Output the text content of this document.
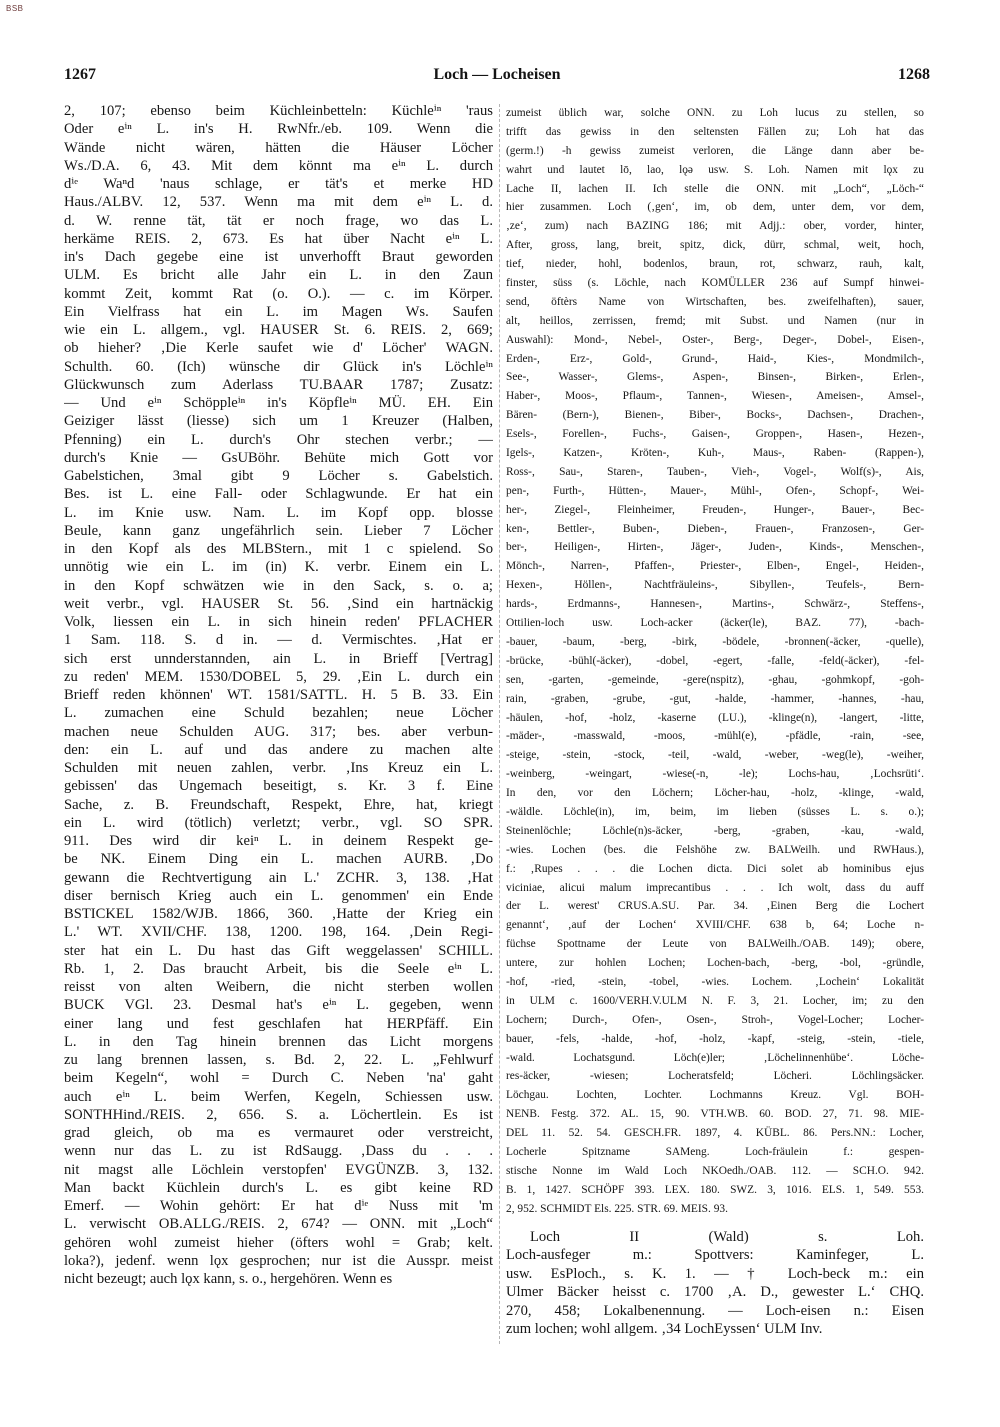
BSB
1267	Loch — Locheisen	1268
2, 107; ebenso beim Küchleinbetteln: Küchleⁱⁿ 'raus
Oder eⁱⁿ L. in's H. RwNfr./eb. 109. Wenn die
Wände nicht wären, hätten die Häuser Löcher
Ws./D.A. 6, 43. Mit dem könnt ma eⁱⁿ L. durch
dⁱᵉ Waⁿd 'naus schlage, er tät's et merke HD
Haus./ALBV. 12, 537. Wenn ma mit dem eⁱⁿ L. d.
d. W. renne tät, tät er noch frage, wo das L.
herkäme REIS. 2, 673. Es hat über Nacht eⁱⁿ L.
in's Dach gegebe eine ist unverhofft Braut geworden
ULM. Es bricht alle Jahr ein L. in den Zaun
kommt Zeit, kommt Rat (o. O.). — c. im Körper.
Ein Vielfrass hat ein L. im Magen Ws. Saufen
wie ein L. allgem., vgl. HAUSER St. 6. REIS. 2, 669;
ob hieher? ‚Die Kerle saufet wie d' Löcher' WAGN.
Schulth. 60. (Ich) wünsche dir Glück in's Löchleⁱⁿ
Glückwunsch zum Aderlass TU.BAAR 1787; Zusatz:
— Und eⁱⁿ Schöppleⁱⁿ in's Köpfleⁱⁿ MÜ. EH. Ein
Geiziger lässt (liesse) sich um 1 Kreuzer (Halben,
Pfenning) ein L. durch's Ohr stechen verbr.; —
durch's Knie — GsUBöhr. Behüte mich Gott vor
Gabelstichen, 3mal gibt 9 Löcher s. Gabelstich.
Bes. ist L. eine Fall- oder Schlagwunde. Er hat ein
L. im Knie usw. Nam. L. im Kopf opp. blosse
Beule, kann ganz ungefährlich sein. Lieber 7 Löcher
in den Kopf als des MLBStern., mit 1 c spielend. So
unnötig wie ein L. im (in) K. verbr. Einem ein L.
in den Kopf schwätzen wie in den Sack, s. o. a;
weit verbr., vgl. HAUSER St. 56. ‚Sind ein hartnäckig
Volk, liessen ein L. in sich hinein reden' PFLACHER
1 Sam. 118. S. d in. — d. Vermischtes. ‚Hat er
sich erst unnderstannden, ain L. in Brieff [Vertrag]
zu reden' MEM. 1530/DOBEL 5, 29. ‚Ein L. durch ein
Brieff reden khönnen' WT. 1581/SATTL. H. 5 B. 33. Ein
L. zumachen eine Schuld bezahlen; neue Löcher
machen neue Schulden AUG. 317; bes. aber verbun-
den: ein L. auf und das andere zu machen alte
Schulden mit neuen zahlen, verbr. ‚Ins Kreuz ein L.
gebissen' das Ungemach beseitigt, s. Kr. 3 f. Eine
Sache, z. B. Freundschaft, Respekt, Ehre, hat, kriegt
ein L. wird (tötlich) verletzt; verbr., vgl. SO SPR.
911. Des wird dir keiⁿ L. in deinem Respekt ge-
be NK. Einem Ding ein L. machen AURB. ‚Do
gewann die Rechtvertigung ain L.' ZCHR. 3, 138. ‚Hat
diser bernisch Krieg auch ein L. genommen' ein Ende
BSTICKEL 1582/WJB. 1866, 360. ‚Hatte der Krieg ein
L.' WT. XVII/CHF. 138, 1200. 198, 164. ‚Dein Regi-
ster hat ein L. Du hast das Gift weggelassen' SCHILL.
Rb. 1, 2. Das braucht Arbeit, bis die Seele eⁱⁿ L.
reisst von alten Weibern, die nicht sterben wollen
BUCK VGl. 23. Desmal hat's eⁱⁿ L. gegeben, wenn
einer lang und fest geschlafen hat HERPfäff. Ein
L. in den Tag hinein brennen das Licht morgens
zu lang brennen lassen, s. Bd. 2, 22. L. „Fehlwurf
beim Kegeln“, wohl = Durch C. Neben 'na' gaht
auch eⁱⁿ L. beim Werfen, Kegeln, Schiessen usw.
SONTHHind./REIS. 2, 656. S. a. Löchertlein. Es ist
grad gleich, ob ma es vermauret oder verstreicht,
wenn nur das L. zu ist RdSaugg. ‚Dass du . . .
nit magst alle Löchlein verstopfen' EVGÜNZB. 3, 132.
Man backt Küchlein durch's L. es gibt keine RD
Emerf. — Wohin gehört: Er hat dⁱᵉ Nuss mit 'm
L. verwischt OB.ALLG./REIS. 2, 674? — ONN. mit „Loch“
gehören wohl zumeist hieher (öfters wohl = Grab; kelt.
loka?), jedenf. wenn lǫx gesprochen; nur ist die Ausspr. meist
nicht bezeugt; auch lǫx kann, s. o., hergehören. Wenn es
zumeist üblich war, solche ONN. zu Loh lucus zu stellen, so
trifft das gewiss in den seltensten Fällen zu; Loh hat das
(germ.!) -h gewiss zumeist verloren, die Länge dann aber be-
wahrt und lautet lō, lao, lǫə usw. S. Loh. Namen mit lǫx zu
Lache II, lachen II. Ich stelle die ONN. mit „Loch“, „Löch-“
hier zusammen. Loch (‚gen‘, im, ob dem, unter dem, vor dem,
‚ze‘, zum) nach BAZING 186; mit Adjj.: ober, vorder, hinter,
After, gross, lang, breit, spitz, dick, dürr, schmal, weit, hoch,
tief, nieder, hohl, bodenlos, braun, rot, schwarz, rauh, kalt,
finster, süss (s. Löchle, nach KOMÜLLER 236 auf Sumpf hinwei-
send, öftèrs Name von Wirtschaften, bes. zweifelhaften), sauer,
alt, heillos, zerrissen, fremd; mit Subst. und Namen (nur in
Auswahl): Mond-, Nebel-, Oster-, Berg-, Deger-, Dobel-, Eisen-,
Erden-, Erz-, Gold-, Grund-, Haid-, Kies-, Mondmilch-,
See-, Wasser-, Glems-, Aspen-, Binsen-, Birken-, Erlen-,
Haber-, Moos-, Pflaum-, Tannen-, Wiesen-, Ameisen-, Amsel-,
Bären- (Bern-), Bienen-, Biber-, Bocks-, Dachsen-, Drachen-,
Esels-, Forellen-, Fuchs-, Gaisen-, Groppen-, Hasen-, Hezen-,
Igels-, Katzen-, Kröten-, Kuh-, Maus-, Raben- (Rappen-),
Ross-, Sau-, Staren-, Tauben-, Vieh-, Vogel-, Wolf(s)-, Ais,
pen-, Furth-, Hütten-, Mauer-, Mühl-, Ofen-, Schopf-, Wei-
her-, Ziegel-, Fleinheimer, Freuden-, Hunger-, Bauer-, Bec-
ken-, Bettler-, Buben-, Dieben-, Frauen-, Franzosen-, Ger-
ber-, Heiligen-, Hirten-, Jäger-, Juden-, Kinds-, Menschen-,
Mönch-, Narren-, Pfaffen-, Priester-, Elben-, Engel-, Heiden-,
Hexen-, Höllen-, Nachtfräuleins-, Sibyllen-, Teufels-, Bern-
hards-, Erdmanns-, Hannesen-, Martins-, Schwärz-, Steffens-,
Ottilien-loch usw. Loch-acker (äcker(le), BAZ. 77), -bach-
-bauer, -baum, -berg, -birk, -bödele, -bronnen(-äcker, -quelle),
-brücke, -bühl(-äcker), -dobel, -egert, -falle, -feld(-äcker), -fel-
sen, -garten, -gemeinde, -gere(nspitz), -ghau, -gohmkopf, -goh-
rain, -graben, -grube, -gut, -halde, -hammer, -hannes, -hau,
-häulen, -hof, -holz, -kaserne (LU.), -klinge(n), -langert, -litte,
-mäder-, -masswald, -moos, -mühl(e), -pfädle, -rain, -see,
-steige, -stein, -stock, -teil, -wald, -weber, -weg(le), -weiher,
-weinberg, -weingart, -wiese(-n, -le); Lochs-hau, ‚Lochsrüti‘.
In den, vor den Löchern; Löcher-hau, -holz, -klinge, -wald,
-wäldle. Löchle(in), im, beim, im lieben (süsses L. s. o.);
Steinenlöchle; Löchle(n)s-äcker, -berg, -graben, -kau, -wald,
-wies. Lochen (bes. die Felshöhe zw. BALWeilh. und RWHaus.),
f.: ‚Rupes . . . die Lochen dicta. Dici solet ab hominibus ejus
viciniae, alicui malum imprecantibus . . . Ich wolt, dass du auff
der L. werest' CRUS.A.SU. Par. 34. ‚Einen Berg die Lochert
genannt‘, ‚auf der Lochen‘ XVIII/CHF. 638 b, 64; Loche n-
füchse Spottname der Leute von BALWeilh./OAB. 149); obere,
untere, zur hohlen Lochen; Lochen-bach, -berg, -bol, -gründle,
-hof, -ried, -stein, -tobel, -wies. Lochem. ‚Lochein‘ Lokalität
in ULM c. 1600/VERH.V.ULM N. F. 3, 21. Locher, im; zu den
Lochern; Durch-, Ofen-, Osen-, Stroh-, Vogel-Locher; Locher-
bauer, -fels, -halde, -hof, -holz, -kapf, -steig, -stein, -tiele,
-wald. Lochatsgund. Löch(e)ler; ‚Löchelinnenhübe‘. Löche-
res-äcker, -wiesen; Locheratsfeld; Löcheri. Löchlingsäcker.
Löchgau. Lochten, Lochter. Lochmanns Kreuz. Vgl. BOH-
NENB. Festg. 372. AL. 15, 90. VTH.WB. 60. BOD. 27, 71. 98. MIE-
DEL 11. 52. 54. GESCH.FR. 1897, 4. KÜBL. 86. Pers.NN.: Locher,
Locherle Spitzname SAMeng. Loch-fräulein f.: gespen-
stische Nonne im Wald Loch NKOedh./OAB. 112. — SCH.O. 942.
B. 1, 1427. SCHÖPF 393. LEX. 180. SWZ. 3, 1016. ELS. 1, 549. 553.
2, 952. SCHMIDT Els. 225. STR. 69. MEIS. 93.
Loch II (Wald) s. Loh.
Loch-ausfeger m.: Spottvers: Kaminfeger, L.
usw. EsPloch., s. K. 1. — † Loch-beck m.: ein
Ulmer Bäcker heisst c. 1700 ‚A. D., gewester L.‘ CHQ.
270, 458; Lokalbenennung. — Loch-eisen n.: Eisen
zum lochen; wohl allgem. ‚34 LochEyssen‘ ULM Inv.
